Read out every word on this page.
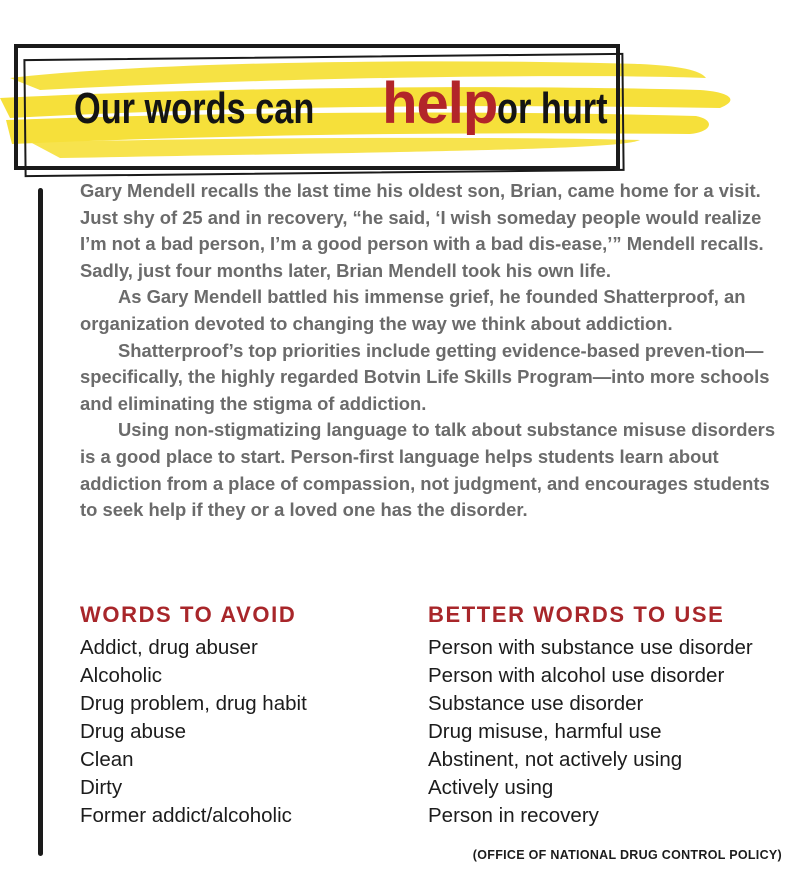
Our words canhelpor hurt

Gary Mendell recalls the last time his oldest son, Brian, came home for a visit. Just shy of 25 and in recovery, “he said, ‘I wish someday people would realize I’m not a bad person, I’m a good person with a bad dis-ease,’” Mendell recalls. Sadly, just four months later, Brian Mendell took his own life.

As Gary Mendell battled his immense grief, he founded Shatterproof, an organization devoted to changing the way we think about addiction.

Shatterproof’s top priorities include getting evidence-based preven-tion—specifically, the highly regarded Botvin Life Skills Program—into more schools and eliminating the stigma of addiction.

Using non-stigmatizing language to talk about substance misuse disorders is a good place to start. Person-first language helps students learn about addiction from a place of compassion, not judgment, and encourages students to seek help if they or a loved one has the disorder.

WORDS TO AVOID
Addict, drug abuser
Alcoholic
Drug problem, drug habit
Drug abuse
Clean
Dirty
Former addict/alcoholic
BETTER WORDS TO USE
Person with substance use disorder
Person with alcohol use disorder
Substance use disorder
Drug misuse, harmful use
Abstinent, not actively using
Actively using
Person in recovery
(OFFICE OF NATIONAL DRUG CONTROL POLICY)
